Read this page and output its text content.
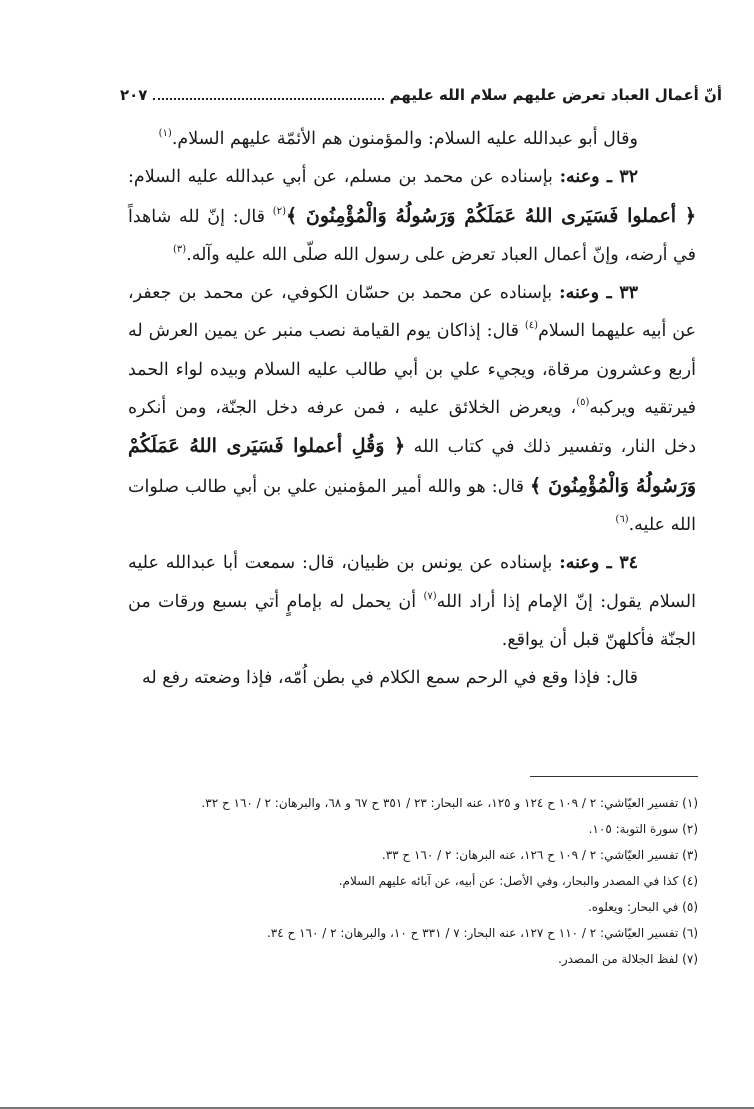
أنّ أعمال العباد تعرض عليهم سلام الله عليهم
٢٠٧

وقال أبو عبدالله عليه السلام: والمؤمنون هم الأئمّة عليهم السلام.$^{(١)}$

٣٢ ـ وعنه: بإسناده عن محمد بن مسلم، عن أبي عبدالله عليه السلام: ﴿ أعملوا فَسَيَرى اللهُ عَمَلَكُمْ وَرَسُولُهُ وَالْمُؤْمِنُونَ ﴾$^{(٢)}$ قال: إنّ لله شاهداً في أرضه، وإنّ أعمال العباد تعرض على رسول الله صلّى الله عليه وآله.$^{(٣)}$

٣٣ ـ وعنه: بإسناده عن محمد بن حسّان الكوفي، عن محمد بن جعفر، عن أبيه عليهما السلام$^{(٤)}$ قال: إذاكان يوم القيامة نصب منبر عن يمين العرش له أربع وعشرون مرقاة، ويجيء علي بن أبي طالب عليه السلام وبيده لواء الحمد فيرتقيه ويركبه$^{(٥)}$، ويعرض الخلائق عليه ، فمن عرفه دخل الجنّة، ومن أنكره دخل النار، وتفسير ذلك في كتاب الله ﴿ وَقُلِ أعملوا فَسَيَرى اللهُ عَمَلَكُمْ وَرَسُولُهُ وَالْمُؤْمِنُونَ ﴾ قال: هو والله أمير المؤمنين علي بن أبي طالب صلوات الله عليه.$^{(٦)}$

٣٤ ـ وعنه: بإسناده عن يونس بن ظبيان، قال: سمعت أبا عبدالله عليه السلام يقول: إنّ الإمام إذا أراد الله$^{(٧)}$ أن يحمل له بإمامٍ أتي بسبع ورقات من الجنّة فأكلهنّ قبل أن يواقع.

قال: فإذا وقع في الرحم سمع الكلام في بطن اُمّه، فإذا وضعته رفع له

(١) تفسير العيّاشي: ٢ / ١٠٩ ح ١٢٤ و ١٢٥، عنه البحار: ٢٣ / ٣٥١ ح ٦٧ و ٦٨، والبرهان: ٢ / ١٦٠ ح ٣٢.
(٢) سورة التوبة: ١٠٥.
(٣) تفسير العيّاشي: ٢ / ١٠٩ ح ١٢٦، عنه البرهان: ٢ / ١٦٠ ح ٣٣.
(٤) كذا في المصدر والبحار، وفي الأصل: عن أبيه، عن آبائه عليهم السلام.
(٥) في البحار: ويعلوه.
(٦) تفسير العيّاشي: ٢ / ١١٠ ح ١٢٧، عنه البحار: ٧ / ٣٣١ ح ١٠، والبرهان: ٢ / ١٦٠ ح ٣٤.
(٧) لفظ الجلالة من المصدر.
